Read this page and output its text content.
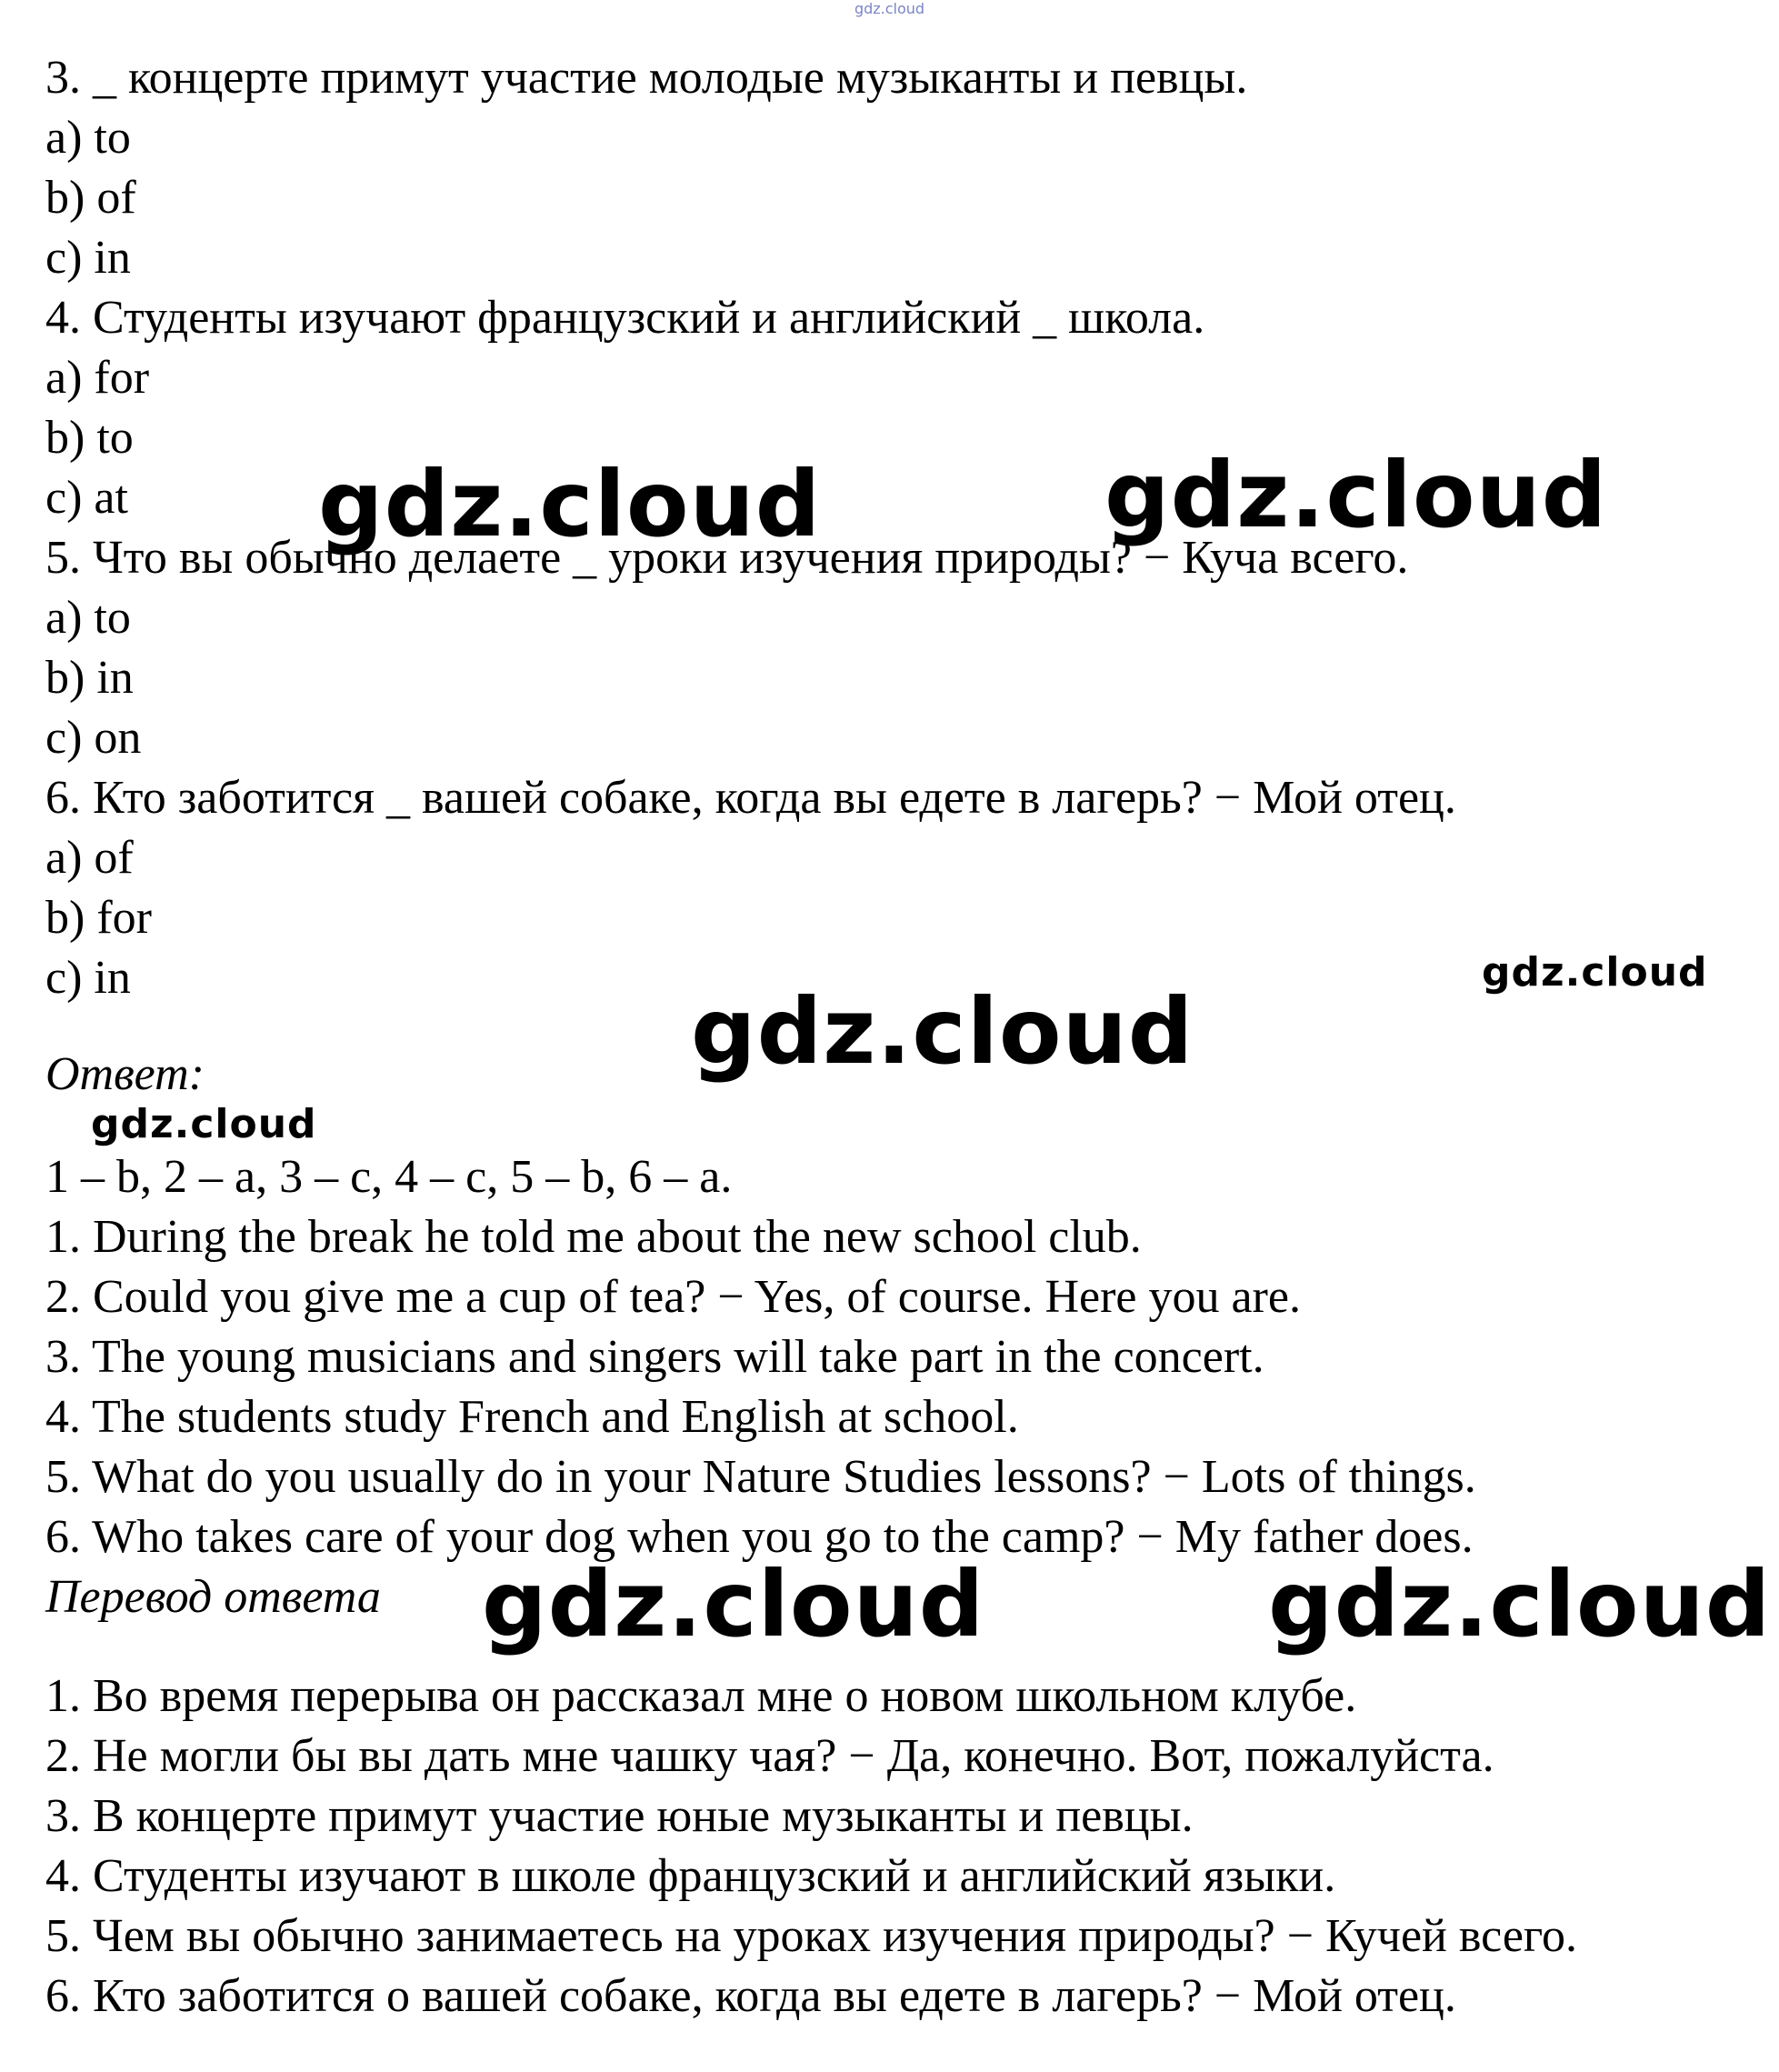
gdz.cloud
3. _ концерте примут участие молодые музыканты и певцы.
a) to
b) of
c) in
4. Студенты изучают французский и английский _ школа.
a) for
b) to
c) at
5. Что вы обычно делаете _ уроки изучения природы? − Куча всего.
a) to
b) in
c) on
6. Кто заботится _ вашей собаке, когда вы едете в лагерь? − Мой отец.
a) of
b) for
c) in
Ответ:
1 – b, 2 – a, 3 – c, 4 – c, 5 – b, 6 – a.
1. During the break he told me about the new school club.
2. Could you give me a cup of tea? − Yes, of course. Here you are.
3. The young musicians and singers will take part in the concert.
4. The students study French and English at school.
5. What do you usually do in your Nature Studies lessons? − Lots of things.
6. Who takes care of your dog when you go to the camp? − My father does.
Перевод ответа
1. Во время перерыва он рассказал мне о новом школьном клубе.
2. Не могли бы вы дать мне чашку чая? − Да, конечно. Вот, пожалуйста.
3. В концерте примут участие юные музыканты и певцы.
4. Студенты изучают в школе французский и английский языки.
5. Чем вы обычно занимаетесь на уроках изучения природы? − Кучей всего.
6. Кто заботится о вашей собаке, когда вы едете в лагерь? − Мой отец.
gdz.cloud	gdz.cloud
gdz.cloud
gdz.cloud
gdz.cloud
gdz.cloud	gdz.cloud
